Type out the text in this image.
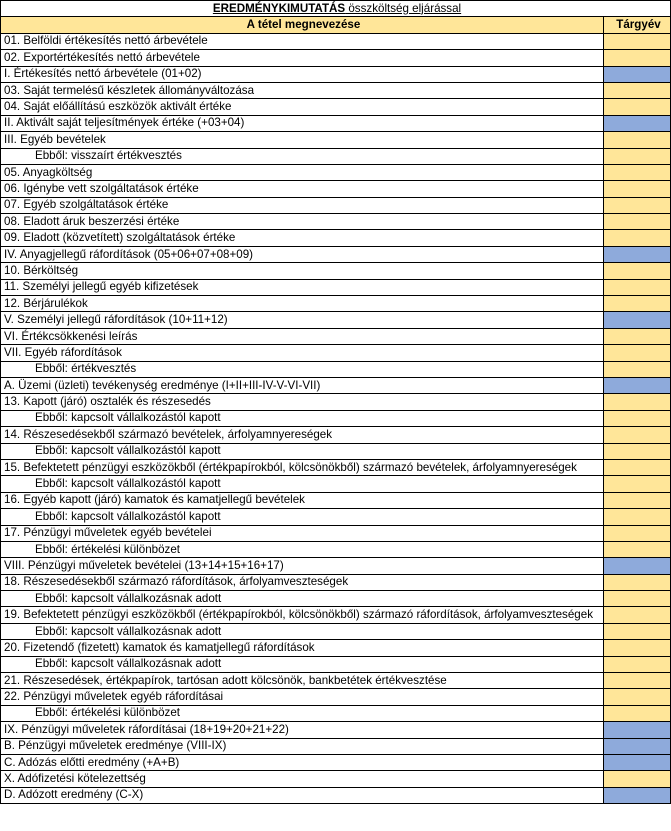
EREDMÉNYKIMUTATÁS összköltség eljárással	
A tétel megnevezése	Tárgyév
01. Belföldi értékesítés nettó árbevétele	
02. Exportértékesítés nettó árbevétele	
I. Értékesítés nettó árbevétele (01+02)	
03. Saját termelésű készletek állományváltozása	
04. Saját előállítású eszközök aktivált értéke	
II. Aktivált saját teljesítmények értéke (+03+04)	
III. Egyéb bevételek	
Ebből: visszaírt értékvesztés	
05. Anyagköltség	
06. Igénybe vett szolgáltatások értéke	
07. Egyéb szolgáltatások értéke	
08. Eladott áruk beszerzési értéke	
09. Eladott (közvetített) szolgáltatások értéke	
IV. Anyagjellegű ráfordítások (05+06+07+08+09)	
10. Bérköltség	
11. Személyi jellegű egyéb kifizetések	
12. Bérjárulékok	
V. Személyi jellegű ráfordítások (10+11+12)	
VI. Értékcsökkenési leírás	
VII. Egyéb ráfordítások	
Ebből: értékvesztés	
A. Üzemi (üzleti) tevékenység eredménye (I+II+III-IV-V-VI-VII)	
13. Kapott (járó) osztalék és részesedés	
Ebből: kapcsolt vállalkozástól kapott	
14. Részesedésekből származó bevételek, árfolyamnyereségek	
Ebből: kapcsolt vállalkozástól kapott	
15. Befektetett pénzügyi eszközökből (értékpapírokból, kölcsönökből) származó bevételek, árfolyamnyereségek	
Ebből: kapcsolt vállalkozástól kapott	
16. Egyéb kapott (járó) kamatok és kamatjellegű bevételek	
Ebből: kapcsolt vállalkozástól kapott	
17. Pénzügyi műveletek egyéb bevételei	
Ebből: értékelési különbözet	
VIII. Pénzügyi műveletek bevételei (13+14+15+16+17)	
18. Részesedésekből származó ráfordítások, árfolyamveszteségek	
Ebből: kapcsolt vállalkozásnak adott	
19. Befektetett pénzügyi eszközökből (értékpapírokból, kölcsönökből) származó ráfordítások, árfolyamveszteségek	
Ebből: kapcsolt vállalkozásnak adott	
20. Fizetendő (fizetett) kamatok és kamatjellegű ráfordítások	
Ebből: kapcsolt vállalkozásnak adott	
21. Részesedések, értékpapírok, tartósan adott kölcsönök, bankbetétek értékvesztése	
22. Pénzügyi műveletek egyéb ráfordításai	
Ebből: értékelési különbözet	
IX. Pénzügyi műveletek ráfordításai (18+19+20+21+22)	
B. Pénzügyi műveletek eredménye (VIII-IX)	
C. Adózás előtti eredmény (+A+B)	
X. Adófizetési kötelezettség	
D. Adózott eredmény (C-X)	
